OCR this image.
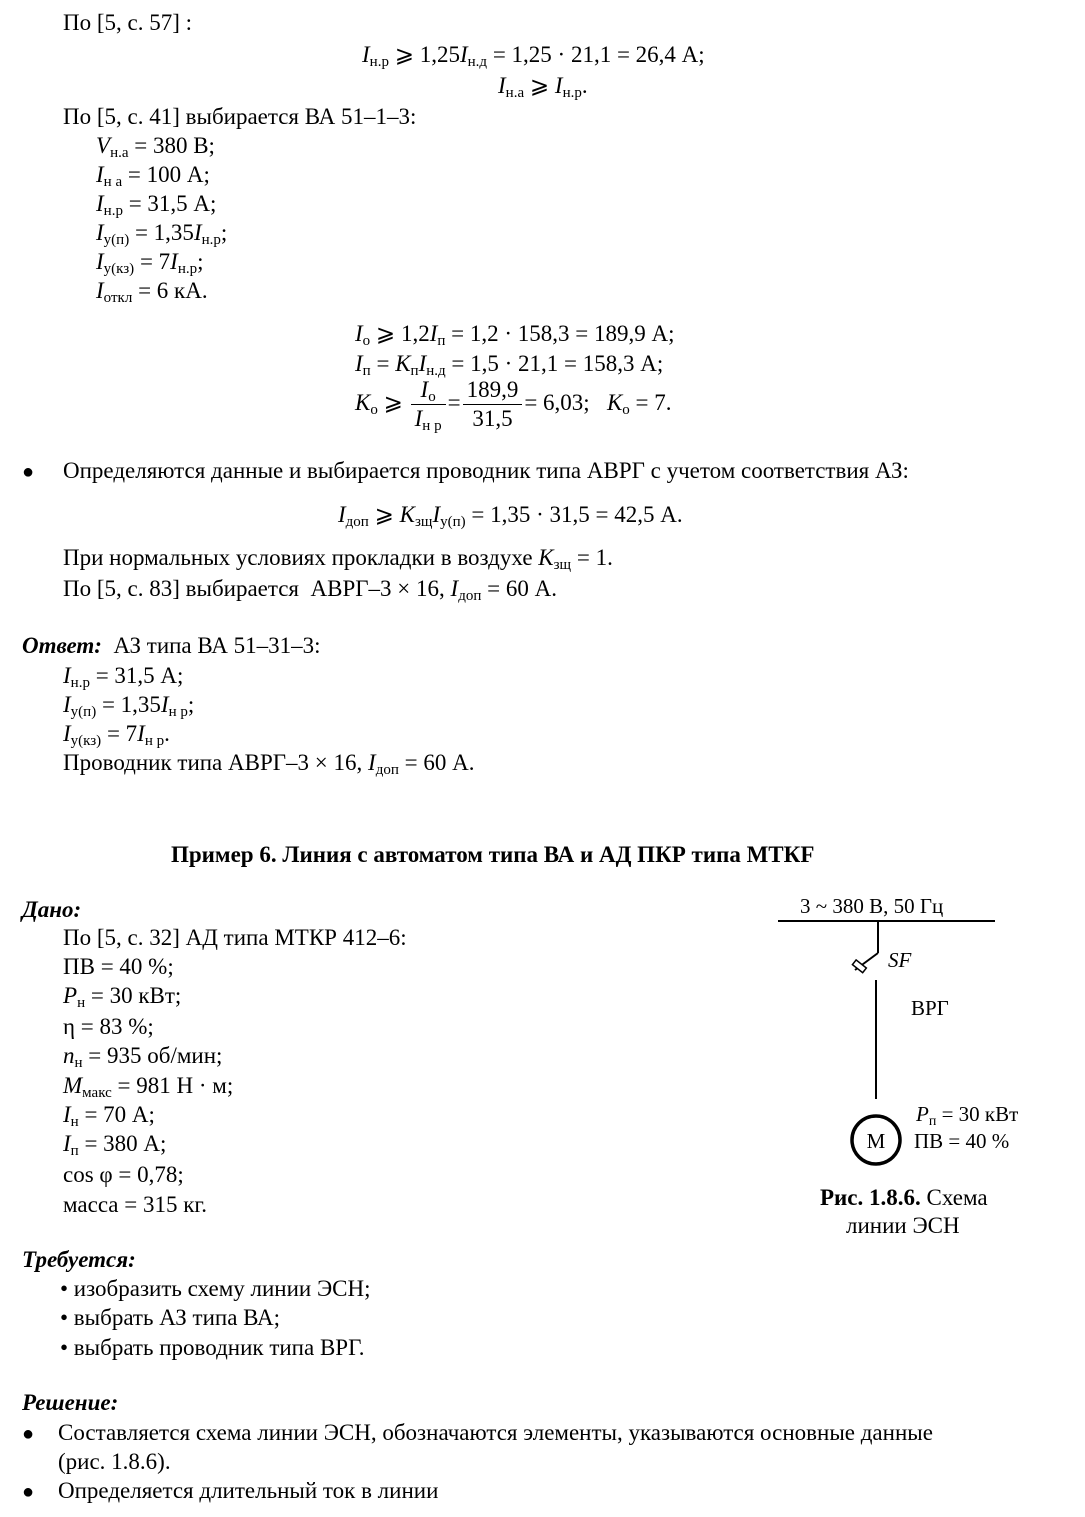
По [5, с. 57] :
$I_{н.р}$ ⩾ $1,25I_{н.д} = 1,25 \cdot 21,1 = 26,4$ А;
$I_{н.а}$ ⩾ $I_{н.р}$.
По [5, с. 41] выбирается ВА 51–1–3:
$V_{н.а} = 380$ В;
$I_{н а} = 100$ А;
$I_{н.р} = 31,5$ А;
$I_{у(п)} = 1,35I_{н.р}$;
$I_{у(кз)} = 7I_{н.р}$;
$I_{откл} = 6$ кА.
$I_о$ ⩾ $1,2I_п = 1,2 \cdot 158,3 = 189,9$ А;
$I_п = K_пI_{н.д} = 1,5 \cdot 21,1 = 158,3$ А;
$K_о$ ⩾ $\frac{I_о}{I_{н р}} = \frac{189,9}{31,5} = 6,03$;   $K_о = 7$.
● Определяются данные и выбирается проводник типа АВРГ с учетом соответствия АЗ:
$I_{доп}$ ⩾ $K_{зщ}I_{у(п)} = 1,35 \cdot 31,5 = 42,5$ А.
При нормальных условиях прокладки в воздухе $K_{зщ} = 1$.
По [5, с. 83] выбирается  АВРГ–3 × 16, $I_{доп} = 60$ А.
Ответ: АЗ типа ВА 51–31–3:
$I_{н.р} = 31,5$ А;
$I_{у(п)} = 1,35I_{н р}$;
$I_{у(кз)} = 7I_{н р}$.
Проводник типа АВРГ–3 × 16, $I_{доп} = 60$ А.
Пример 6. Линия с автоматом типа ВА и АД ПКР типа МТКF
Дано:
По [5, с. 32] АД типа МТКР 412–6:
ПВ = 40 %;
$P_н = 30$ кВт;
η = 83 %;
$n_н = 935$ об/мин;
$M_{макс} = 981$ Н · м;
$I_н = 70$ А;
$I_п = 380$ А;
cos φ = 0,78;
масса = 315 кг.
Требуется:
• изобразить схему линии ЭСН;
• выбрать АЗ типа ВА;
• выбрать проводник типа ВРГ.
Решение:
● Составляется схема линии ЭСН, обозначаются элементы, указываются основные данные
(рис. 1.8.6).
● Определяется длительный ток в линии
3 ~ 380 В, 50 Гц
SF
ВРГ
М
Pп = 30 кВт
ПВ = 40 %
Рис. 1.8.6. Схема
линии ЭСН
